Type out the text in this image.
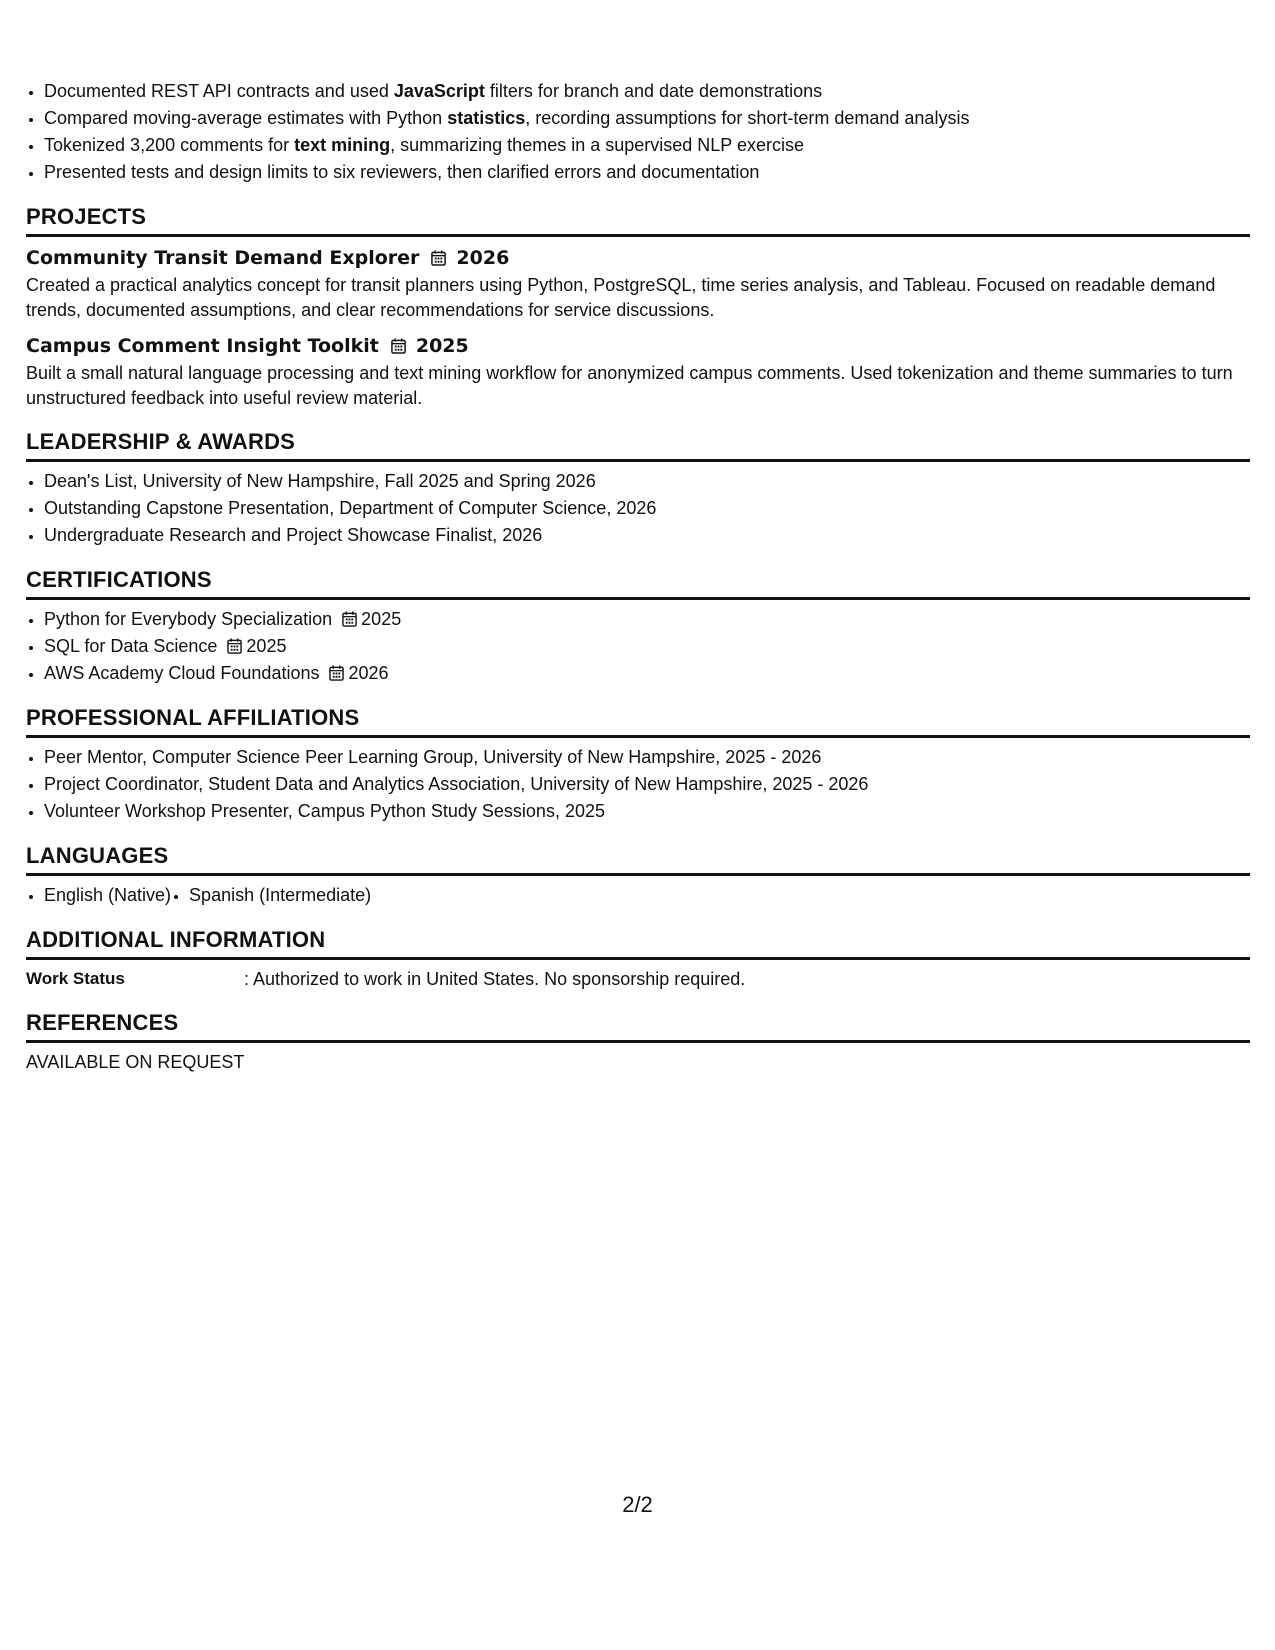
• Documented REST API contracts and used JavaScript filters for branch and date demonstrations
• Compared moving-average estimates with Python statistics, recording assumptions for short-term demand analysis
• Tokenized 3,200 comments for text mining, summarizing themes in a supervised NLP exercise
• Presented tests and design limits to six reviewers, then clarified errors and documentation
PROJECTS
Community Transit Demand Explorer 2026
Created a practical analytics concept for transit planners using Python, PostgreSQL, time series analysis, and Tableau. Focused on readable demand trends, documented assumptions, and clear recommendations for service discussions.
Campus Comment Insight Toolkit 2025
Built a small natural language processing and text mining workflow for anonymized campus comments. Used tokenization and theme summaries to turn unstructured feedback into useful review material.
LEADERSHIP & AWARDS
• Dean's List, University of New Hampshire, Fall 2025 and Spring 2026
• Outstanding Capstone Presentation, Department of Computer Science, 2026
• Undergraduate Research and Project Showcase Finalist, 2026
CERTIFICATIONS
• Python for Everybody Specialization 2025
• SQL for Data Science 2025
• AWS Academy Cloud Foundations 2026
PROFESSIONAL AFFILIATIONS
• Peer Mentor, Computer Science Peer Learning Group, University of New Hampshire, 2025 - 2026
• Project Coordinator, Student Data and Analytics Association, University of New Hampshire, 2025 - 2026
• Volunteer Workshop Presenter, Campus Python Study Sessions, 2025
LANGUAGES
• English (Native)
• Spanish (Intermediate)
ADDITIONAL INFORMATION
Work Status	: Authorized to work in United States. No sponsorship required.
REFERENCES
AVAILABLE ON REQUEST
2/2
